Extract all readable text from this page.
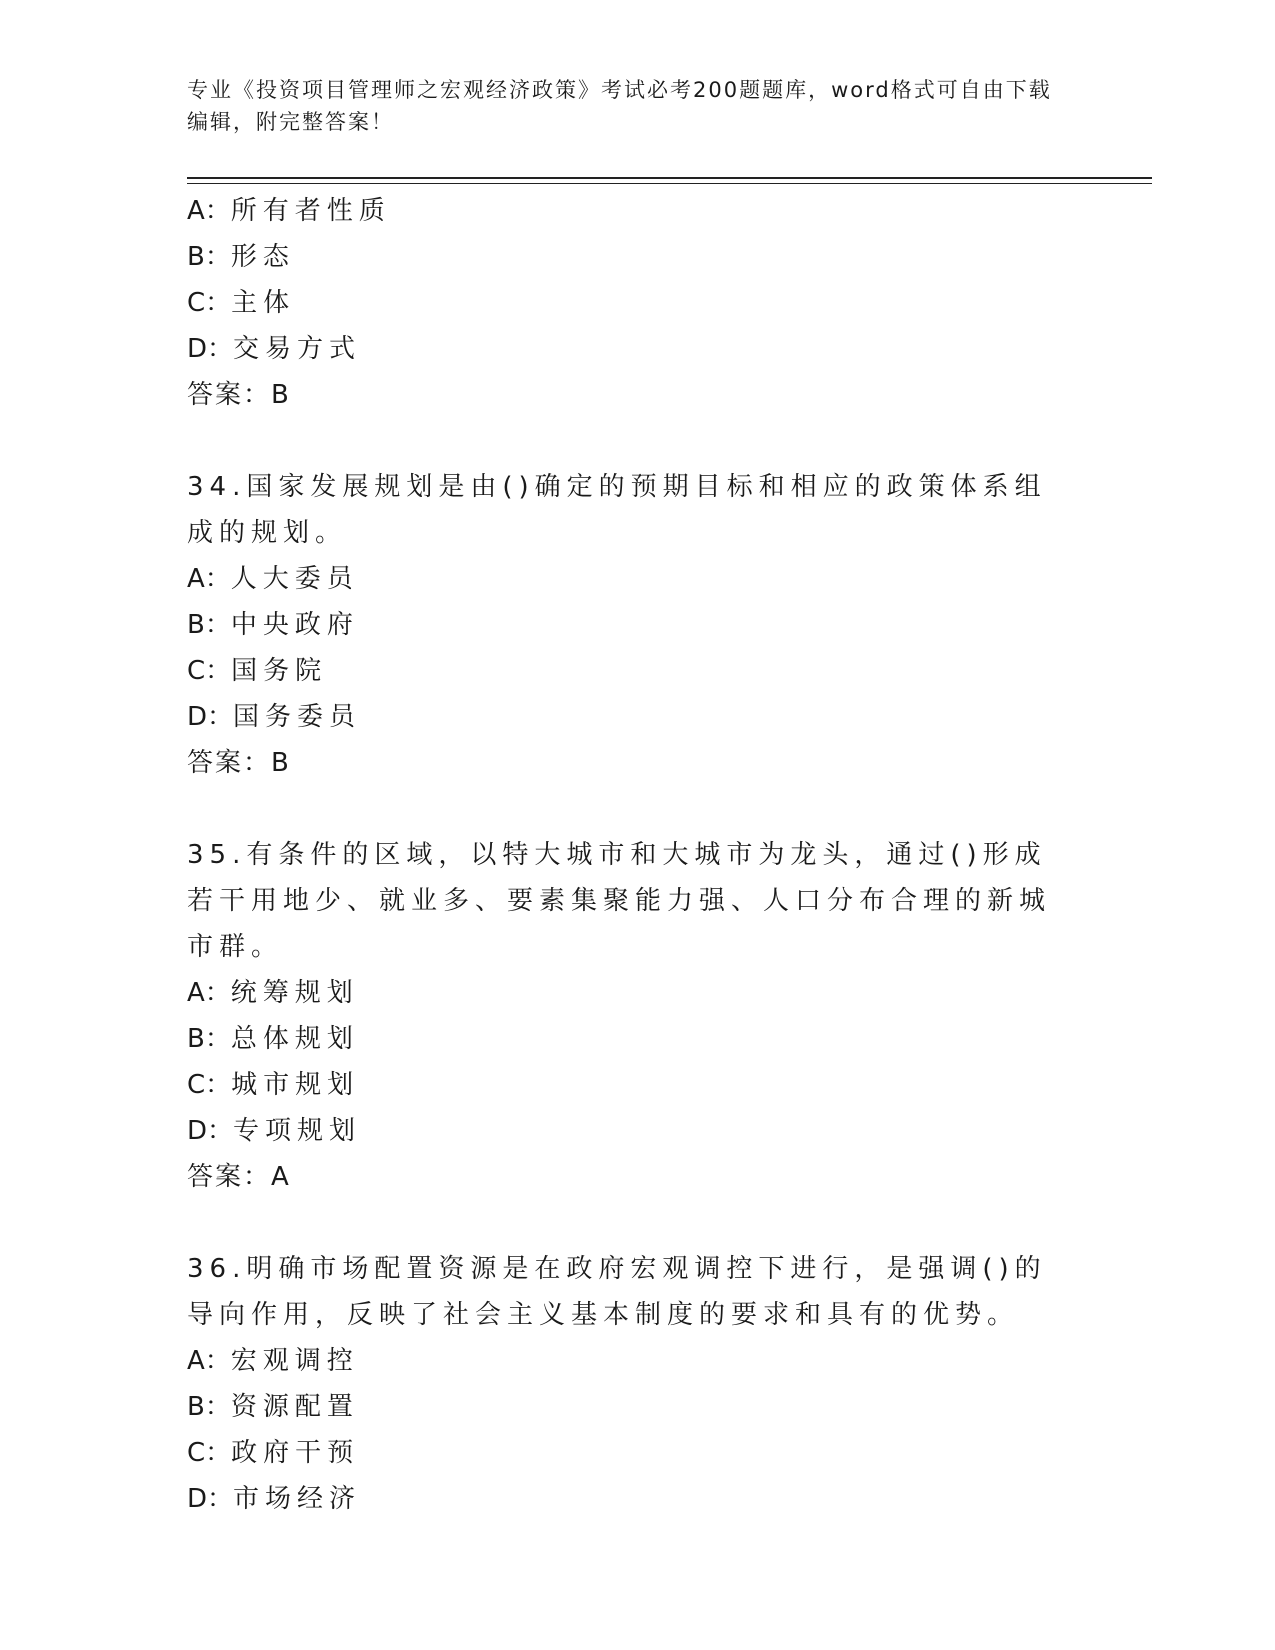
专业《投资项目管理师之宏观经济政策》考试必考200题题库，word格式可自由下载编辑，附完整答案！
A：所有者性质
B：形态
C：主体
D：交易方式
答案：B
34.国家发展规划是由()确定的预期目标和相应的政策体系组成的规划。
A：人大委员
B：中央政府
C：国务院
D：国务委员
答案：B
35.有条件的区域，以特大城市和大城市为龙头，通过()形成若干用地少、就业多、要素集聚能力强、人口分布合理的新城市群。
A：统筹规划
B：总体规划
C：城市规划
D：专项规划
答案：A
36.明确市场配置资源是在政府宏观调控下进行，是强调()的导向作用，反映了社会主义基本制度的要求和具有的优势。
A：宏观调控
B：资源配置
C：政府干预
D：市场经济
